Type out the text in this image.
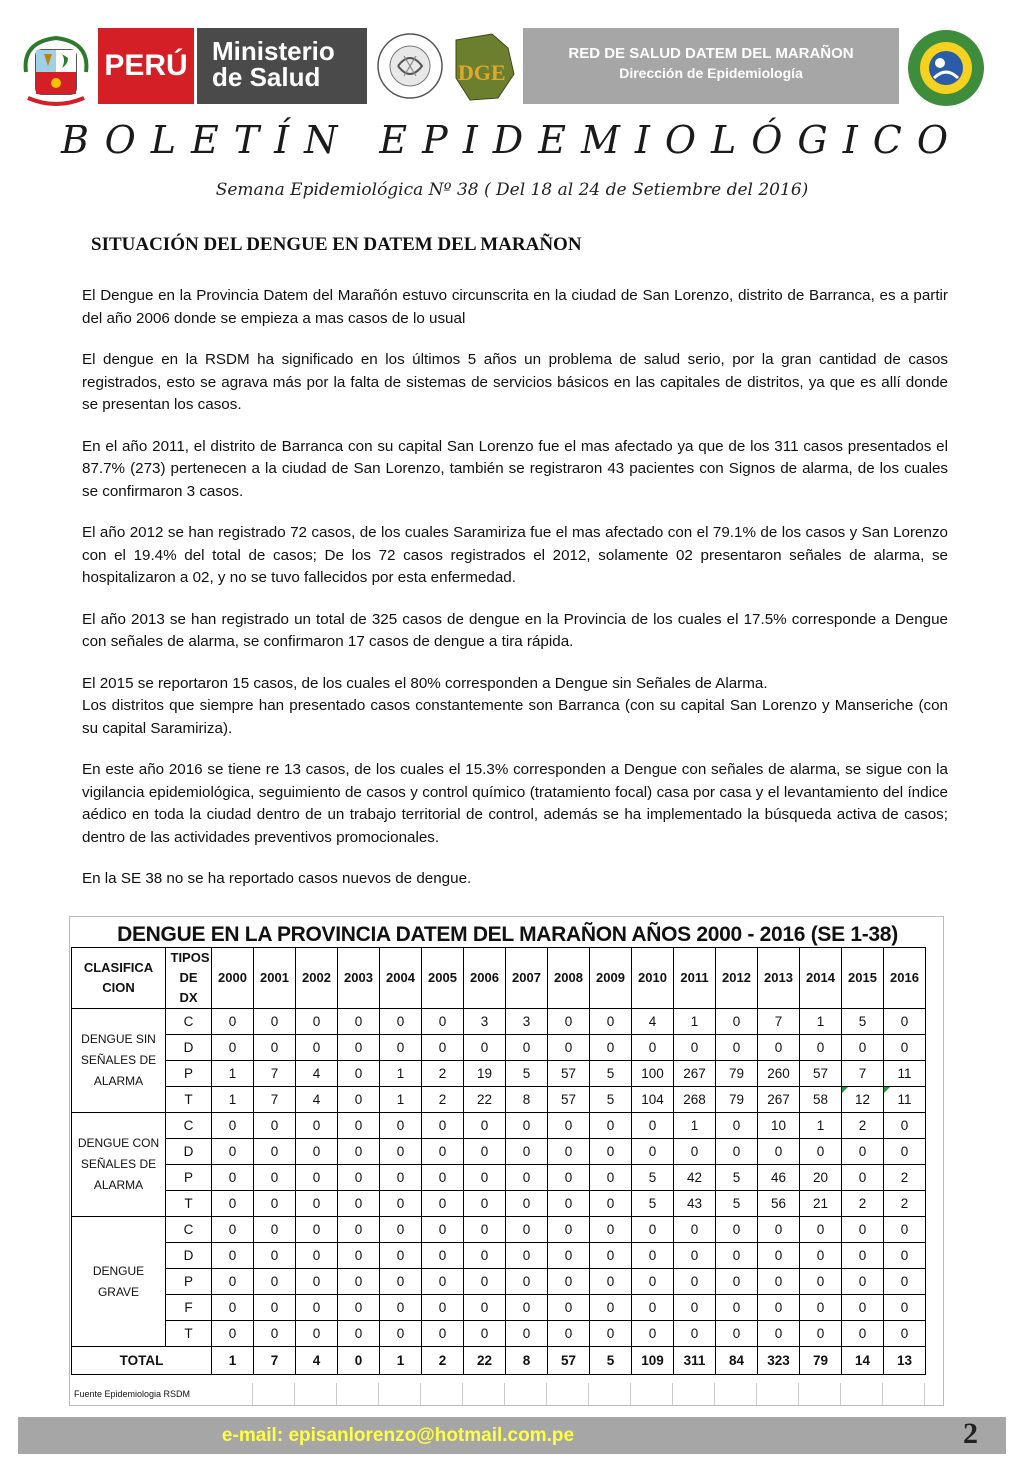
PERÚ Ministerio
de Salud	DGE
RED DE SALUD DATEM DEL MARAÑON
Dirección de Epidemiología
BOLETÍN EPIDEMIOLÓGICO
Semana Epidemiológica Nº 38 ( Del 18 al 24 de Setiembre del 2016)
SITUACIÓN DEL DENGUE EN DATEM DEL MARAÑON

El Dengue en la Provincia Datem del Marañón estuvo circunscrita en la ciudad de San Lorenzo, distrito de Barranca, es a partir del año 2006 donde se empieza a mas casos de lo usual

El dengue en la RSDM ha significado en los últimos 5 años un problema de salud serio, por la gran cantidad de casos registrados, esto se agrava más por la falta de sistemas de servicios básicos en las capitales de distritos, ya que es allí donde se presentan los casos.

En el año 2011, el distrito de Barranca con su capital San Lorenzo fue el mas afectado ya que de los 311 casos presentados el 87.7% (273) pertenecen a la ciudad de San Lorenzo, también se registraron 43 pacientes con Signos de alarma, de los cuales se confirmaron 3 casos.

El año 2012 se han registrado 72 casos, de los cuales Saramiriza fue el mas afectado con el 79.1% de los casos y San Lorenzo con el 19.4% del total de casos; De los 72 casos registrados el 2012, solamente 02 presentaron señales de alarma, se hospitalizaron a 02, y no se tuvo fallecidos por esta enfermedad.

El año 2013 se han registrado un total de 325 casos de dengue en la Provincia de los cuales el 17.5% corresponde a Dengue con señales de alarma, se confirmaron 17 casos de dengue a tira rápida.

El 2015 se reportaron 15 casos, de los cuales el 80% corresponden a Dengue sin Señales de Alarma.

Los distritos que siempre han presentado casos constantemente son Barranca (con su capital San Lorenzo y Manseriche (con su capital Saramiriza).

En este año 2016 se tiene re 13 casos, de los cuales el 15.3% corresponden a Dengue con señales de alarma, se sigue con la vigilancia epidemiológica, seguimiento de casos y control químico (tratamiento focal) casa por casa y el levantamiento del índice aédico en toda la ciudad dentro de un trabajo territorial de control, además se ha implementado la búsqueda activa de casos; dentro de las actividades preventivos promocionales.

En la SE 38 no se ha reportado casos nuevos de dengue.

DENGUE EN LA PROVINCIA DATEM DEL MARAÑON AÑOS 2000 - 2016 (SE 1-38)
CLASIFICACION	TIPOS DE DX	2000	2001	2002	2003	2004	2005	2006	2007	2008	2009	2010	2011	2012	2013	2014	2015	2016
DENGUE SIN SEÑALES DE ALARMA	C	0	0	0	0	0	0	3	3	0	0	4	1	0	7	1	5	0
	D	0	0	0	0	0	0	0	0	0	0	0	0	0	0	0	0	0
	P	1	7	4	0	1	2	19	5	57	5	100	267	79	260	57	7	11
	T	1	7	4	0	1	2	22	8	57	5	104	268	79	267	58	12	11
DENGUE CON SEÑALES DE ALARMA	C	0	0	0	0	0	0	0	0	0	0	0	1	0	10	1	2	0
	D	0	0	0	0	0	0	0	0	0	0	0	0	0	0	0	0	0
	P	0	0	0	0	0	0	0	0	0	0	5	42	5	46	20	0	2
	T	0	0	0	0	0	0	0	0	0	0	5	43	5	56	21	2	2
DENGUE GRAVE	C	0	0	0	0	0	0	0	0	0	0	0	0	0	0	0	0	0
	D	0	0	0	0	0	0	0	0	0	0	0	0	0	0	0	0	0
	P	0	0	0	0	0	0	0	0	0	0	0	0	0	0	0	0	0
	F	0	0	0	0	0	0	0	0	0	0	0	0	0	0	0	0	0
	T	0	0	0	0	0	0	0	0	0	0	0	0	0	0	0	0	0
TOTAL		1	7	4	0	1	2	22	8	57	5	109	311	84	323	79	14	13
Fuente Epidemiologia RSDM
e-mail: episanlorenzo@hotmail.com.pe	2
